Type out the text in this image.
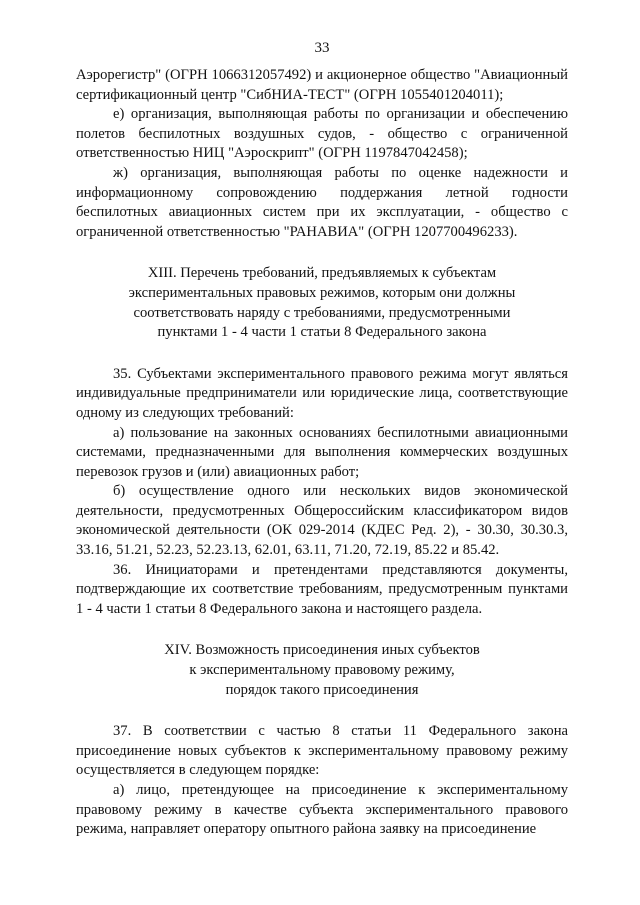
33

Аэрорегистр" (ОГРН 1066312057492) и акционерное общество "Авиационный сертификационный центр "СибНИА-ТЕСТ" (ОГРН 1055401204011);

е) организация, выполняющая работы по организации и обеспечению полетов беспилотных воздушных судов, - общество с ограниченной ответственностью НИЦ "Аэроскрипт" (ОГРН 1197847042458);

ж) организация, выполняющая работы по оценке надежности и информационному сопровождению поддержания летной годности беспилотных авиационных систем при их эксплуатации, - общество с ограниченной ответственностью "РАНАВИА" (ОГРН 1207700496233).

XIII. Перечень требований, предъявляемых к субъектам

экспериментальных правовых режимов, которым они должны

соответствовать наряду с требованиями, предусмотренными

пунктами 1 - 4 части 1 статьи 8 Федерального закона

35. Субъектами экспериментального правового режима могут являться индивидуальные предприниматели или юридические лица, соответствующие одному из следующих требований:

а) пользование на законных основаниях беспилотными авиационными системами, предназначенными для выполнения коммерческих воздушных перевозок грузов и (или) авиационных работ;

б) осуществление одного или нескольких видов экономической деятельности, предусмотренных Общероссийским классификатором видов экономической деятельности (ОК 029-2014 (КДЕС Ред. 2), - 30.30, 30.30.3, 33.16, 51.21, 52.23, 52.23.13, 62.01, 63.11, 71.20, 72.19, 85.22 и 85.42.

36. Инициаторами и претендентами представляются документы, подтверждающие их соответствие требованиям, предусмотренным пунктами 1 - 4 части 1 статьи 8 Федерального закона и настоящего раздела.

XIV. Возможность присоединения иных субъектов

к экспериментальному правовому режиму,

порядок такого присоединения

37. В соответствии с частью 8 статьи 11 Федерального закона присоединение новых субъектов к экспериментальному правовому режиму осуществляется в следующем порядке:

а) лицо, претендующее на присоединение к экспериментальному правовому режиму в качестве субъекта экспериментального правового режима, направляет оператору опытного района заявку на присоединение
